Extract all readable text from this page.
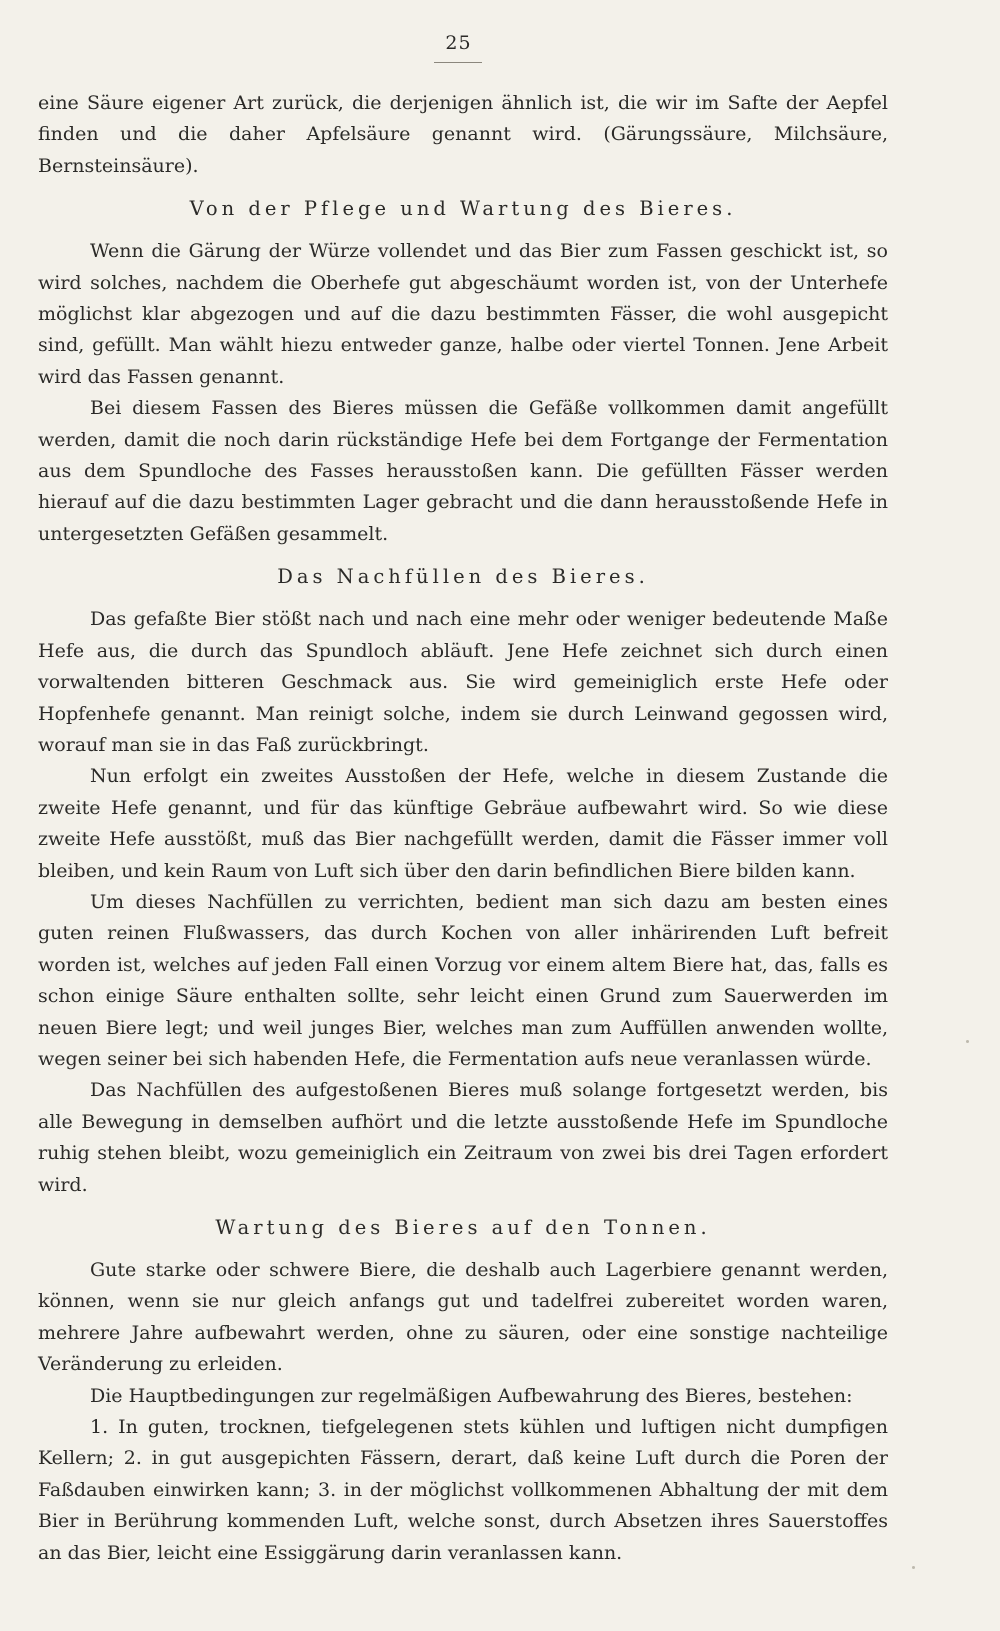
25

eine Säure eigener Art zurück, die derjenigen ähnlich ist, die wir im Safte der Aepfel finden und die daher Apfelsäure genannt wird. (Gärungssäure, Milchsäure, Bernsteinsäure).

Von der Pflege und Wartung des Bieres.

Wenn die Gärung der Würze vollendet und das Bier zum Fassen geschickt ist, so wird solches, nachdem die Oberhefe gut abgeschäumt worden ist, von der Unterhefe möglichst klar abgezogen und auf die dazu bestimmten Fässer, die wohl ausgepicht sind, gefüllt. Man wählt hiezu entweder ganze, halbe oder viertel Tonnen. Jene Arbeit wird das Fassen genannt.

Bei diesem Fassen des Bieres müssen die Gefäße vollkommen damit angefüllt werden, damit die noch darin rückständige Hefe bei dem Fortgange der Fermentation aus dem Spundloche des Fasses herausstoßen kann. Die gefüllten Fässer werden hierauf auf die dazu bestimmten Lager gebracht und die dann herausstoßende Hefe in untergesetzten Gefäßen gesammelt.

Das Nachfüllen des Bieres.

Das gefaßte Bier stößt nach und nach eine mehr oder weniger bedeutende Maße Hefe aus, die durch das Spundloch abläuft. Jene Hefe zeichnet sich durch einen vorwaltenden bitteren Geschmack aus. Sie wird gemeiniglich erste Hefe oder Hopfenhefe genannt. Man reinigt solche, indem sie durch Leinwand gegossen wird, worauf man sie in das Faß zurückbringt.

Nun erfolgt ein zweites Ausstoßen der Hefe, welche in diesem Zustande die zweite Hefe genannt, und für das künftige Gebräue aufbewahrt wird. So wie diese zweite Hefe ausstößt, muß das Bier nachgefüllt werden, damit die Fässer immer voll bleiben, und kein Raum von Luft sich über den darin befindlichen Biere bilden kann.

Um dieses Nachfüllen zu verrichten, bedient man sich dazu am besten eines guten reinen Flußwassers, das durch Kochen von aller inhärirenden Luft befreit worden ist, welches auf jeden Fall einen Vorzug vor einem altem Biere hat, das, falls es schon einige Säure enthalten sollte, sehr leicht einen Grund zum Sauerwerden im neuen Biere legt; und weil junges Bier, welches man zum Auffüllen anwenden wollte, wegen seiner bei sich habenden Hefe, die Fermentation aufs neue veranlassen würde.

Das Nachfüllen des aufgestoßenen Bieres muß solange fortgesetzt werden, bis alle Bewegung in demselben aufhört und die letzte ausstoßende Hefe im Spundloche ruhig stehen bleibt, wozu gemeiniglich ein Zeitraum von zwei bis drei Tagen erfordert wird.

Wartung des Bieres auf den Tonnen.

Gute starke oder schwere Biere, die deshalb auch Lagerbiere genannt werden, können, wenn sie nur gleich anfangs gut und tadelfrei zubereitet worden waren, mehrere Jahre aufbewahrt werden, ohne zu säuren, oder eine sonstige nachteilige Veränderung zu erleiden.

Die Hauptbedingungen zur regelmäßigen Aufbewahrung des Bieres, bestehen:

1. In guten, trocknen, tiefgelegenen stets kühlen und luftigen nicht dumpfigen Kellern; 2. in gut ausgepichten Fässern, derart, daß keine Luft durch die Poren der Faßdauben einwirken kann; 3. in der möglichst vollkommenen Abhaltung der mit dem Bier in Berührung kommenden Luft, welche sonst, durch Absetzen ihres Sauerstoffes an das Bier, leicht eine Essiggärung darin veranlassen kann.
